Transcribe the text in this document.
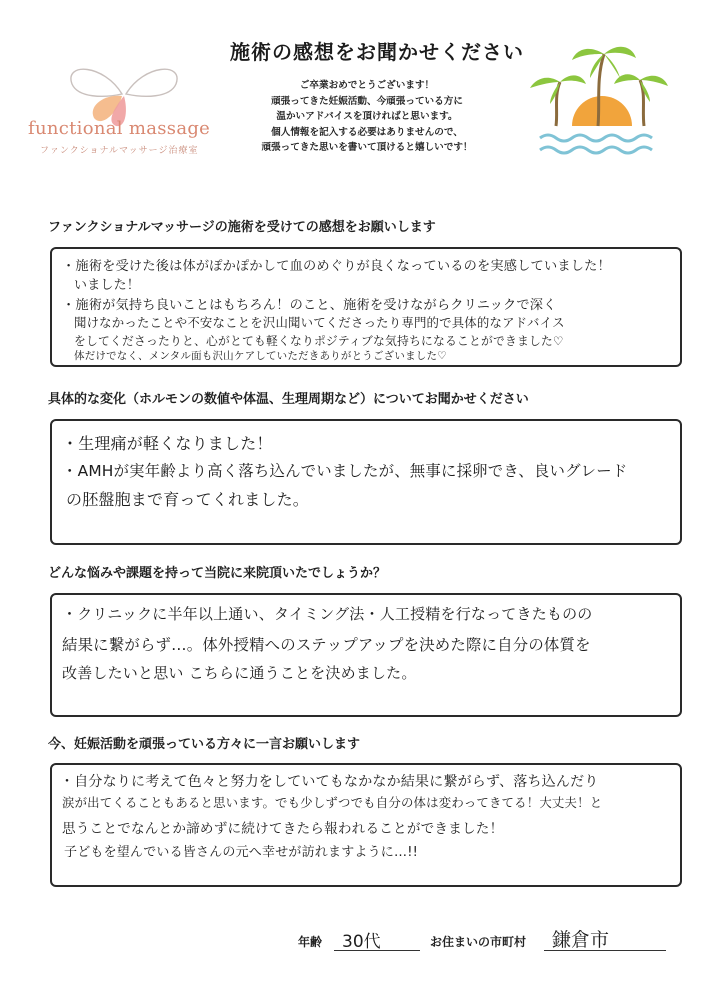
施術の感想をお聞かせください
ご卒業おめでとうございます！
頑張ってきた妊娠活動、今頑張っている方に
温かいアドバイスを頂ければと思います。
個人情報を記入する必要はありませんので、
頑張ってきた思いを書いて頂けると嬉しいです！
functional massage
ファンクショナルマッサージ治療室
ファンクショナルマッサージの施術を受けての感想をお願いします
・施術を受けた後は体がぽかぽかして血のめぐりが良くなっているのを実感していました！
いました！
・施術が気持ち良いことはもちろん！のこと、施術を受けながらクリニックで深く
聞けなかったことや不安なことを沢山聞いてくださったり専門的で具体的なアドバイス
をしてくださったりと、心がとても軽くなりポジティブな気持ちになることができました♡
体だけでなく、メンタル面も沢山ケアしていただきありがとうございました♡
具体的な変化（ホルモンの数値や体温、生理周期など）についてお聞かせください
・生理痛が軽くなりました！
・AMHが実年齢より高く落ち込んでいましたが、無事に採卵でき、良いグレード
の胚盤胞まで育ってくれました。
どんな悩みや課題を持って当院に来院頂いたでしょうか？
・クリニックに半年以上通い、タイミング法・人工授精を行なってきたものの
結果に繋がらず…。体外授精へのステップアップを決めた際に自分の体質を
改善したいと思い こちらに通うことを決めました。
今、妊娠活動を頑張っている方々に一言お願いします
・自分なりに考えて色々と努力をしていてもなかなか結果に繋がらず、落ち込んだり
涙が出てくることもあると思います。でも少しずつでも自分の体は変わってきてる！大丈夫！と
思うことでなんとか諦めずに続けてきたら報われることができました！
子どもを望んでいる皆さんの元へ幸せが訪れますように…!!
年齢 30代	お住まいの市町村 鎌倉市
